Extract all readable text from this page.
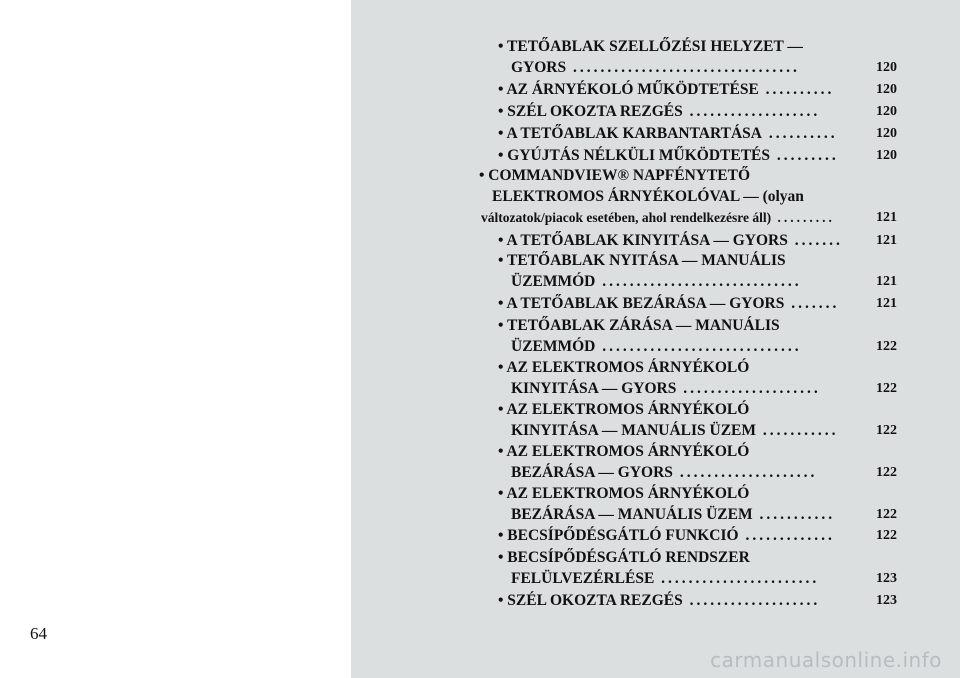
64
• TETŐABLAK SZELLŐZÉSI HELYZET —
GYORS .................................	120
• AZ ÁRNYÉKOLÓ MŰKÖDTETÉSE ..........	120
• SZÉL OKOZTA REZGÉS ...................	120
• A TETŐABLAK KARBANTARTÁSA ..........	120
• GYÚJTÁS NÉLKÜLI MŰKÖDTETÉS .........	120
• COMMANDVIEW® NAPFÉNYTETŐ
ELEKTROMOS ÁRNYÉKOLÓVAL — (olyan
változatok/piacok esetében, ahol rendelkezésre áll) .........	121
• A TETŐABLAK KINYITÁSA — GYORS ....... 121
• TETŐABLAK NYITÁSA — MANUÁLIS
ÜZEMMÓD .............................	121
• A TETŐABLAK BEZÁRÁSA — GYORS .......	121
• TETŐABLAK ZÁRÁSA — MANUÁLIS
ÜZEMMÓD .............................	122
• AZ ELEKTROMOS ÁRNYÉKOLÓ
KINYITÁSA — GYORS ....................	122
• AZ ELEKTROMOS ÁRNYÉKOLÓ
KINYITÁSA — MANUÁLIS ÜZEM ...........	122
• AZ ELEKTROMOS ÁRNYÉKOLÓ
BEZÁRÁSA — GYORS ....................	122
• AZ ELEKTROMOS ÁRNYÉKOLÓ
BEZÁRÁSA — MANUÁLIS ÜZEM ...........	122
• BECSÍPŐDÉSGÁTLÓ FUNKCIÓ .............	122
• BECSÍPŐDÉSGÁTLÓ RENDSZER
FELÜLVEZÉRLÉSE .......................	123
• SZÉL OKOZTA REZGÉS ...................	123
carmanualsonline.info
